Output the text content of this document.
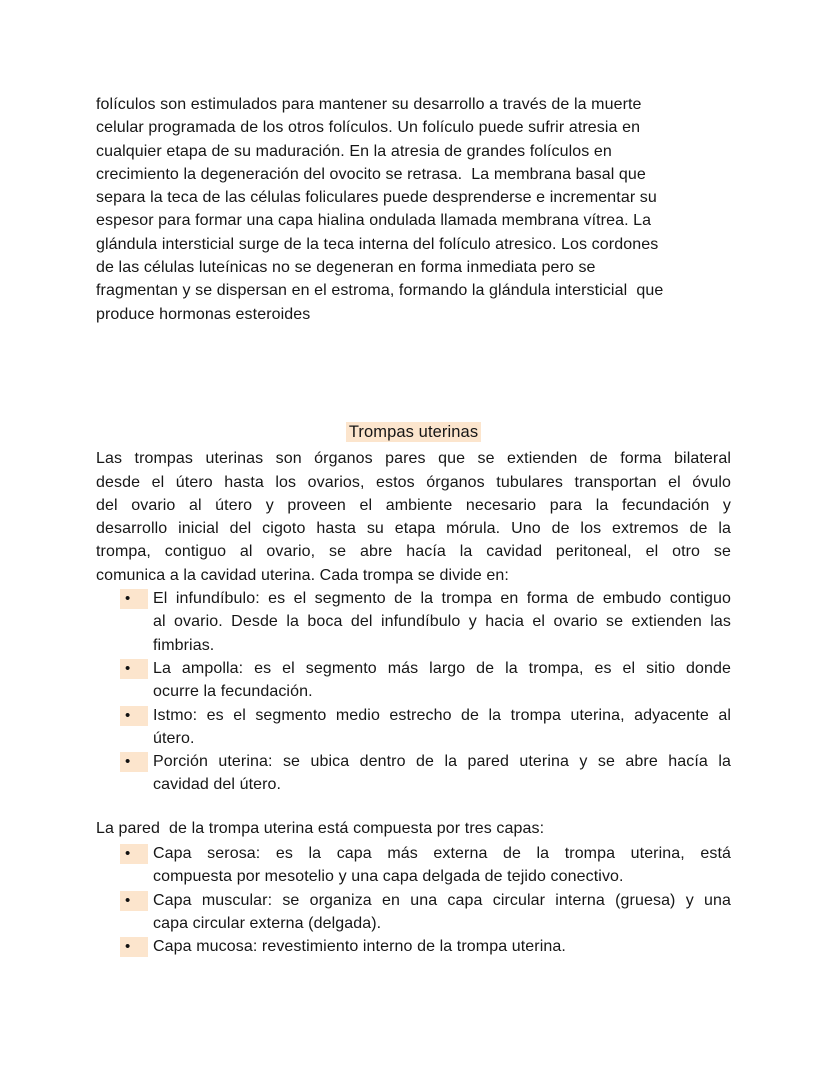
folículos son estimulados para mantener su desarrollo a través de la muerte
celular programada de los otros folículos. Un folículo puede sufrir atresia en
cualquier etapa de su maduración. En la atresia de grandes folículos en
crecimiento la degeneración del ovocito se retrasa.  La membrana basal que
separa la teca de las células foliculares puede desprenderse e incrementar su
espesor para formar una capa hialina ondulada llamada membrana vítrea. La
glándula intersticial surge de la teca interna del folículo atresico. Los cordones
de las células luteínicas no se degeneran en forma inmediata pero se
fragmentan y se dispersan en el estroma, formando la glándula intersticial  que
produce hormonas esteroides
Trompas uterinas
Las trompas uterinas son órganos pares que se extienden de forma bilateral
desde el útero hasta los ovarios, estos órganos tubulares transportan el óvulo
del ovario al útero y proveen el ambiente necesario para la fecundación y
desarrollo inicial del cigoto hasta su etapa mórula. Uno de los extremos de la
trompa, contiguo al ovario, se abre hacía la cavidad peritoneal, el otro se
comunica a la cavidad uterina. Cada trompa se divide en:
•	El infundíbulo: es el segmento de la trompa en forma de embudo contiguo
al ovario. Desde la boca del infundíbulo y hacia el ovario se extienden las
fimbrias.
•	La ampolla: es el segmento más largo de la trompa, es el sitio donde
ocurre la fecundación.
•	Istmo: es el segmento medio estrecho de la trompa uterina, adyacente al
útero.
•	Porción uterina: se ubica dentro de la pared uterina y se abre hacía la
cavidad del útero.
La pared  de la trompa uterina está compuesta por tres capas:
•	Capa serosa: es la capa más externa de la trompa uterina, está
compuesta por mesotelio y una capa delgada de tejido conectivo.
•	Capa muscular: se organiza en una capa circular interna (gruesa) y una
capa circular externa (delgada).
•	Capa mucosa: revestimiento interno de la trompa uterina.
